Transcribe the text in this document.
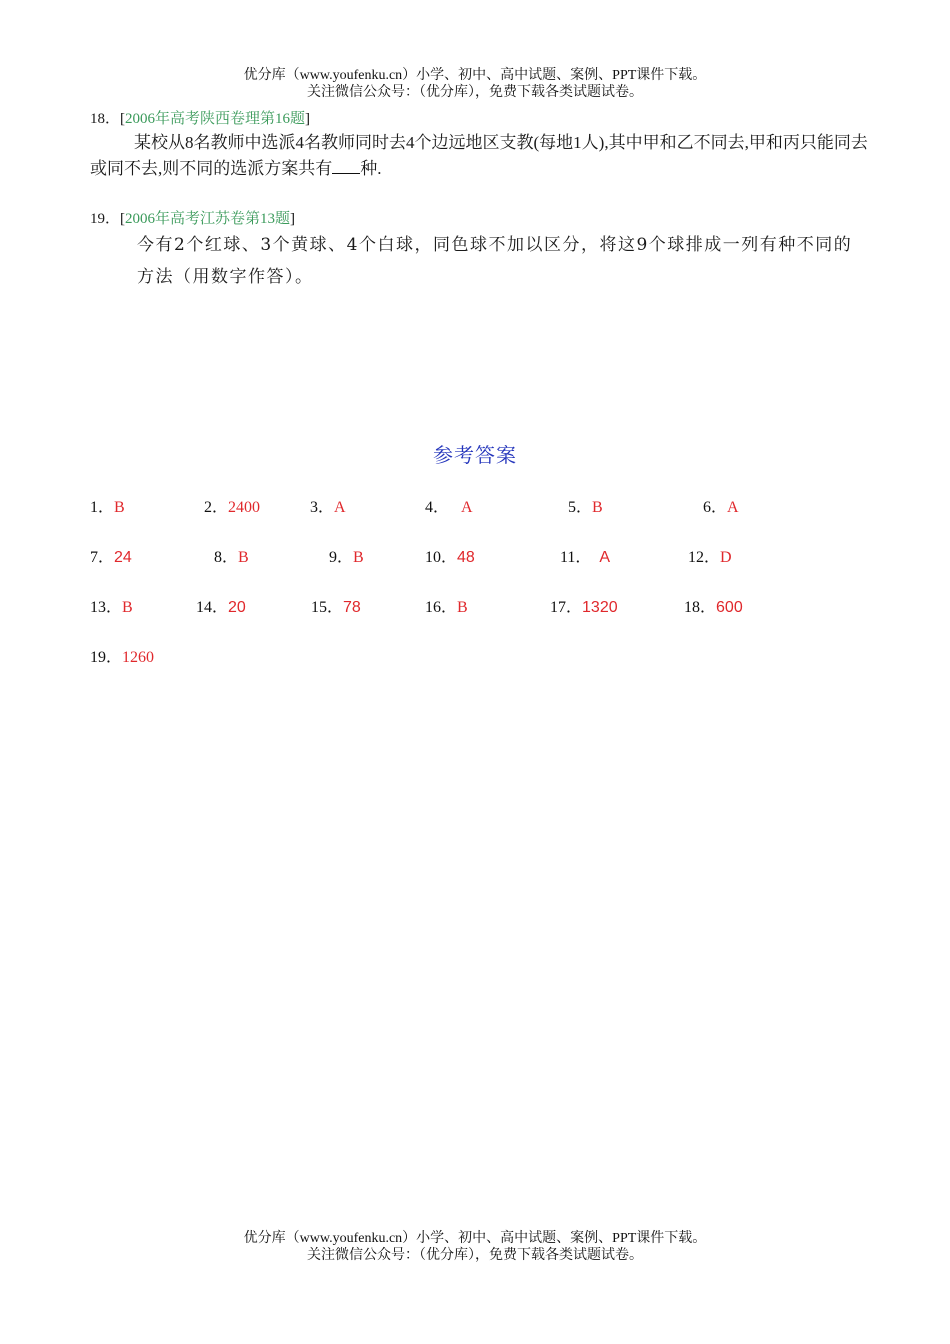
优分库（www.youfenku.cn）小学、初中、高中试题、案例、PPT课件下载。
关注微信公众号：（优分库），免费下载各类试题试卷。
18．[2006年高考陕西卷理第16题]
某校从8名教师中选派4名教师同时去4个边远地区支教(每地1人),其中甲和乙不同去,甲和丙只能同去或同不去,则不同的选派方案共有 种.
19．[2006年高考江苏卷第13题]
今有2个红球、3个黄球、4个白球，同色球不加以区分，将这9个球排成一列有种不同的方法（用数字作答）。
参考答案
1．B	2．2400	3．A	4． A	5．B	6．A
7．24	8．B	9．B	10．48	11． A	12．D
13．B	14．20	15．78	16．B	17．1320	18．600
19．1260
优分库（www.youfenku.cn）小学、初中、高中试题、案例、PPT课件下载。
关注微信公众号：（优分库），免费下载各类试题试卷。
